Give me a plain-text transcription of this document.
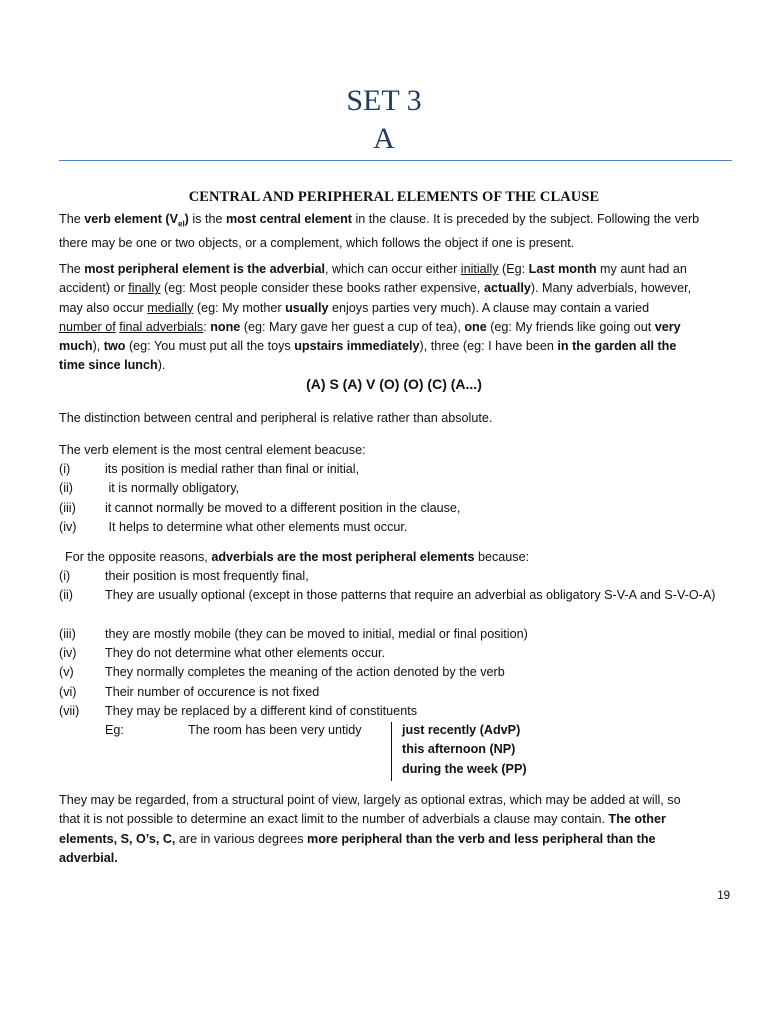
SET 3
A
CENTRAL AND PERIPHERAL ELEMENTS OF THE CLAUSE
The verb element $(V_{el})$ is the most central element in the clause. It is preceded by the subject. Following the verb
there may be one or two objects, or a complement, which follows the object if one is present.
The most peripheral element is the adverbial, which can occur either initially (Eg: Last month my aunt had an
accident) or finally (eg: Most people consider these books rather expensive, actually). Many adverbials, however,
may also occur medially (eg: My mother usually enjoys parties very much). A clause may contain a varied
number of final adverbials: none (eg: Mary gave her guest a cup of tea), one (eg: My friends like going out very
much), two (eg: You must put all the toys upstairs immediately), three (eg: I have been in the garden all the
time since lunch).
(A) S (A) V (O) (O) (C) (A...)
The distinction between central and peripheral is relative rather than absolute.
The verb element is the most central element beacuse:
(i)	its position is medial rather than final or initial,
(ii)	it is normally obligatory,
(iii) it cannot normally be moved to a different position in the clause,
(iv) It helps to determine what other elements must occur.
For the opposite reasons, adverbials are the most peripheral elements because:
(i)	their position is most frequently final,
(ii)	They are usually optional (except in those patterns that require an adverbial as obligatory S-V-A and S-V-O-A)
(iii) they are mostly mobile (they can be moved to initial, medial or final position)
(iv) They do not determine what other elements occur.
(v) They normally completes the meaning of the action denoted by the verb
(vi) Their number of occurence is not fixed
(vii) They may be replaced by a different kind of constituents
Eg:	The room has been very untidy	just recently (AdvP)
this afternoon (NP)
during the week (PP)
They may be regarded, from a structural point of view, largely as optional extras, which may be added at will, so
that it is not possible to determine an exact limit to the number of adverbials a clause may contain. The other
elements, S, O’s, C, are in various degrees more peripheral than the verb and less peripheral than the
adverbial.
19
